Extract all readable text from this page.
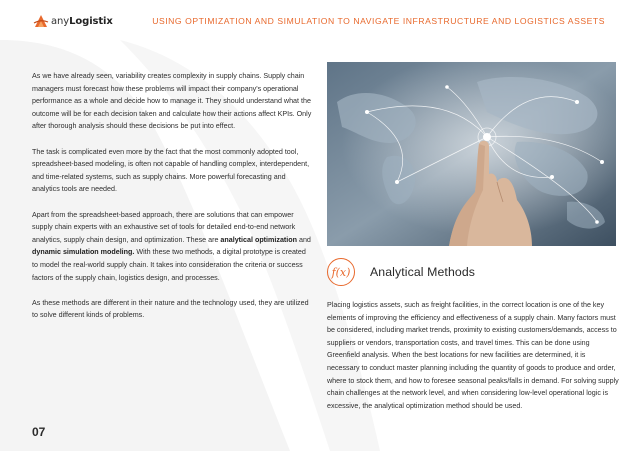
anyLogistix	USING OPTIMIZATION AND SIMULATION TO NAVIGATE INFRASTRUCTURE AND LOGISTICS ASSETS

As we have already seen, variability creates complexity in supply chains. Supply chain managers must forecast how these problems will impact their company's operational performance as a whole and decide how to manage it. They should understand what the outcome will be for each decision taken and calculate how their actions affect KPIs. Only after thorough analysis should these decisions be put into effect.

The task is complicated even more by the fact that the most commonly adopted tool, spreadsheet-based modeling, is often not capable of handling complex, interdependent, and time-related systems, such as supply chains. More powerful forecasting and analytics tools are needed.

Apart from the spreadsheet-based approach, there are solutions that can empower supply chain experts with an exhaustive set of tools for detailed end-to-end network analytics, supply chain design, and optimization. These are analytical optimization and dynamic simulation modeling. With these two methods, a digital prototype is created to model the real-world supply chain. It takes into consideration the criteria or success factors of the supply chain, logistics design, and processes.

As these methods are different in their nature and the technology used, they are utilized to solve different kinds of problems.

f(x)	Analytical Methods

Placing logistics assets, such as freight facilities, in the correct location is one of the key elements of improving the efficiency and effectiveness of a supply chain. Many factors must be considered, including market trends, proximity to existing customers/demands, access to suppliers or vendors, transportation costs, and travel times. This can be done using Greenfield analysis. When the best locations for new facilities are determined, it is necessary to conduct master planning including the quantity of goods to produce and order, where to stock them, and how to foresee seasonal peaks/falls in demand. For solving supply chain challenges at the network level, and when considering low-level operational logic is excessive, the analytical optimization method should be used.

07
